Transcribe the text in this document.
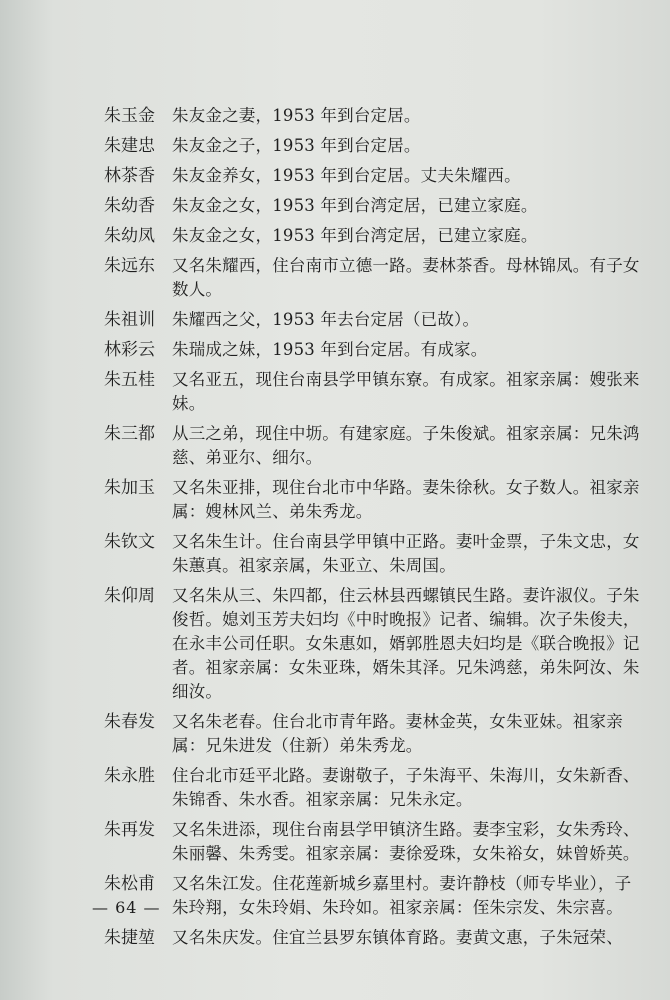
朱玉金	朱友金之妻，1953 年到台定居。
朱建忠	朱友金之子，1953 年到台定居。
林茶香	朱友金养女，1953 年到台定居。丈夫朱耀西。
朱幼香	朱友金之女，1953 年到台湾定居，已建立家庭。
朱幼凤	朱友金之女，1953 年到台湾定居，已建立家庭。
朱远东	又名朱耀西，住台南市立德一路。妻林茶香。母林锦凤。有子女数人。
朱祖训	朱耀西之父，1953 年去台定居（已故）。
林彩云	朱瑞成之妹，1953 年到台定居。有成家。
朱五桂	又名亚五，现住台南县学甲镇东寮。有成家。祖家亲属：嫂张来妹。
朱三都	从三之弟，现住中坜。有建家庭。子朱俊斌。祖家亲属：兄朱鸿慈、弟亚尔、细尔。
朱加玉	又名朱亚排，现住台北市中华路。妻朱徐秋。女子数人。祖家亲属：嫂林风兰、弟朱秀龙。
朱钦文	又名朱生计。住台南县学甲镇中正路。妻叶金票，子朱文忠，女朱蕙真。祖家亲属，朱亚立、朱周国。
朱仰周	又名朱从三、朱四都，住云林县西螺镇民生路。妻许淑仪。子朱俊哲。媳刘玉芳夫妇均《中时晚报》记者、编辑。次子朱俊夫，在永丰公司任职。女朱惠如，婿郭胜恩夫妇均是《联合晚报》记者。祖家亲属：女朱亚珠，婿朱其泽。兄朱鸿慈，弟朱阿汝、朱细汝。
朱春发	又名朱老春。住台北市青年路。妻林金英，女朱亚妹。祖家亲属：兄朱进发（住新）弟朱秀龙。
朱永胜	住台北市廷平北路。妻谢敬子，子朱海平、朱海川，女朱新香、朱锦香、朱水香。祖家亲属：兄朱永定。
朱再发	又名朱进添，现住台南县学甲镇济生路。妻李宝彩，女朱秀玲、朱丽馨、朱秀雯。祖家亲属：妻徐爱珠，女朱裕女，妹曾娇英。
朱松甫	又名朱江发。住花莲新城乡嘉里村。妻许静枝（师专毕业），子朱玲翔，女朱玲娟、朱玲如。祖家亲属：侄朱宗发、朱宗喜。
朱捷堃	又名朱庆发。住宜兰县罗东镇体育路。妻黄文惠，子朱冠荣、
— 64 —
